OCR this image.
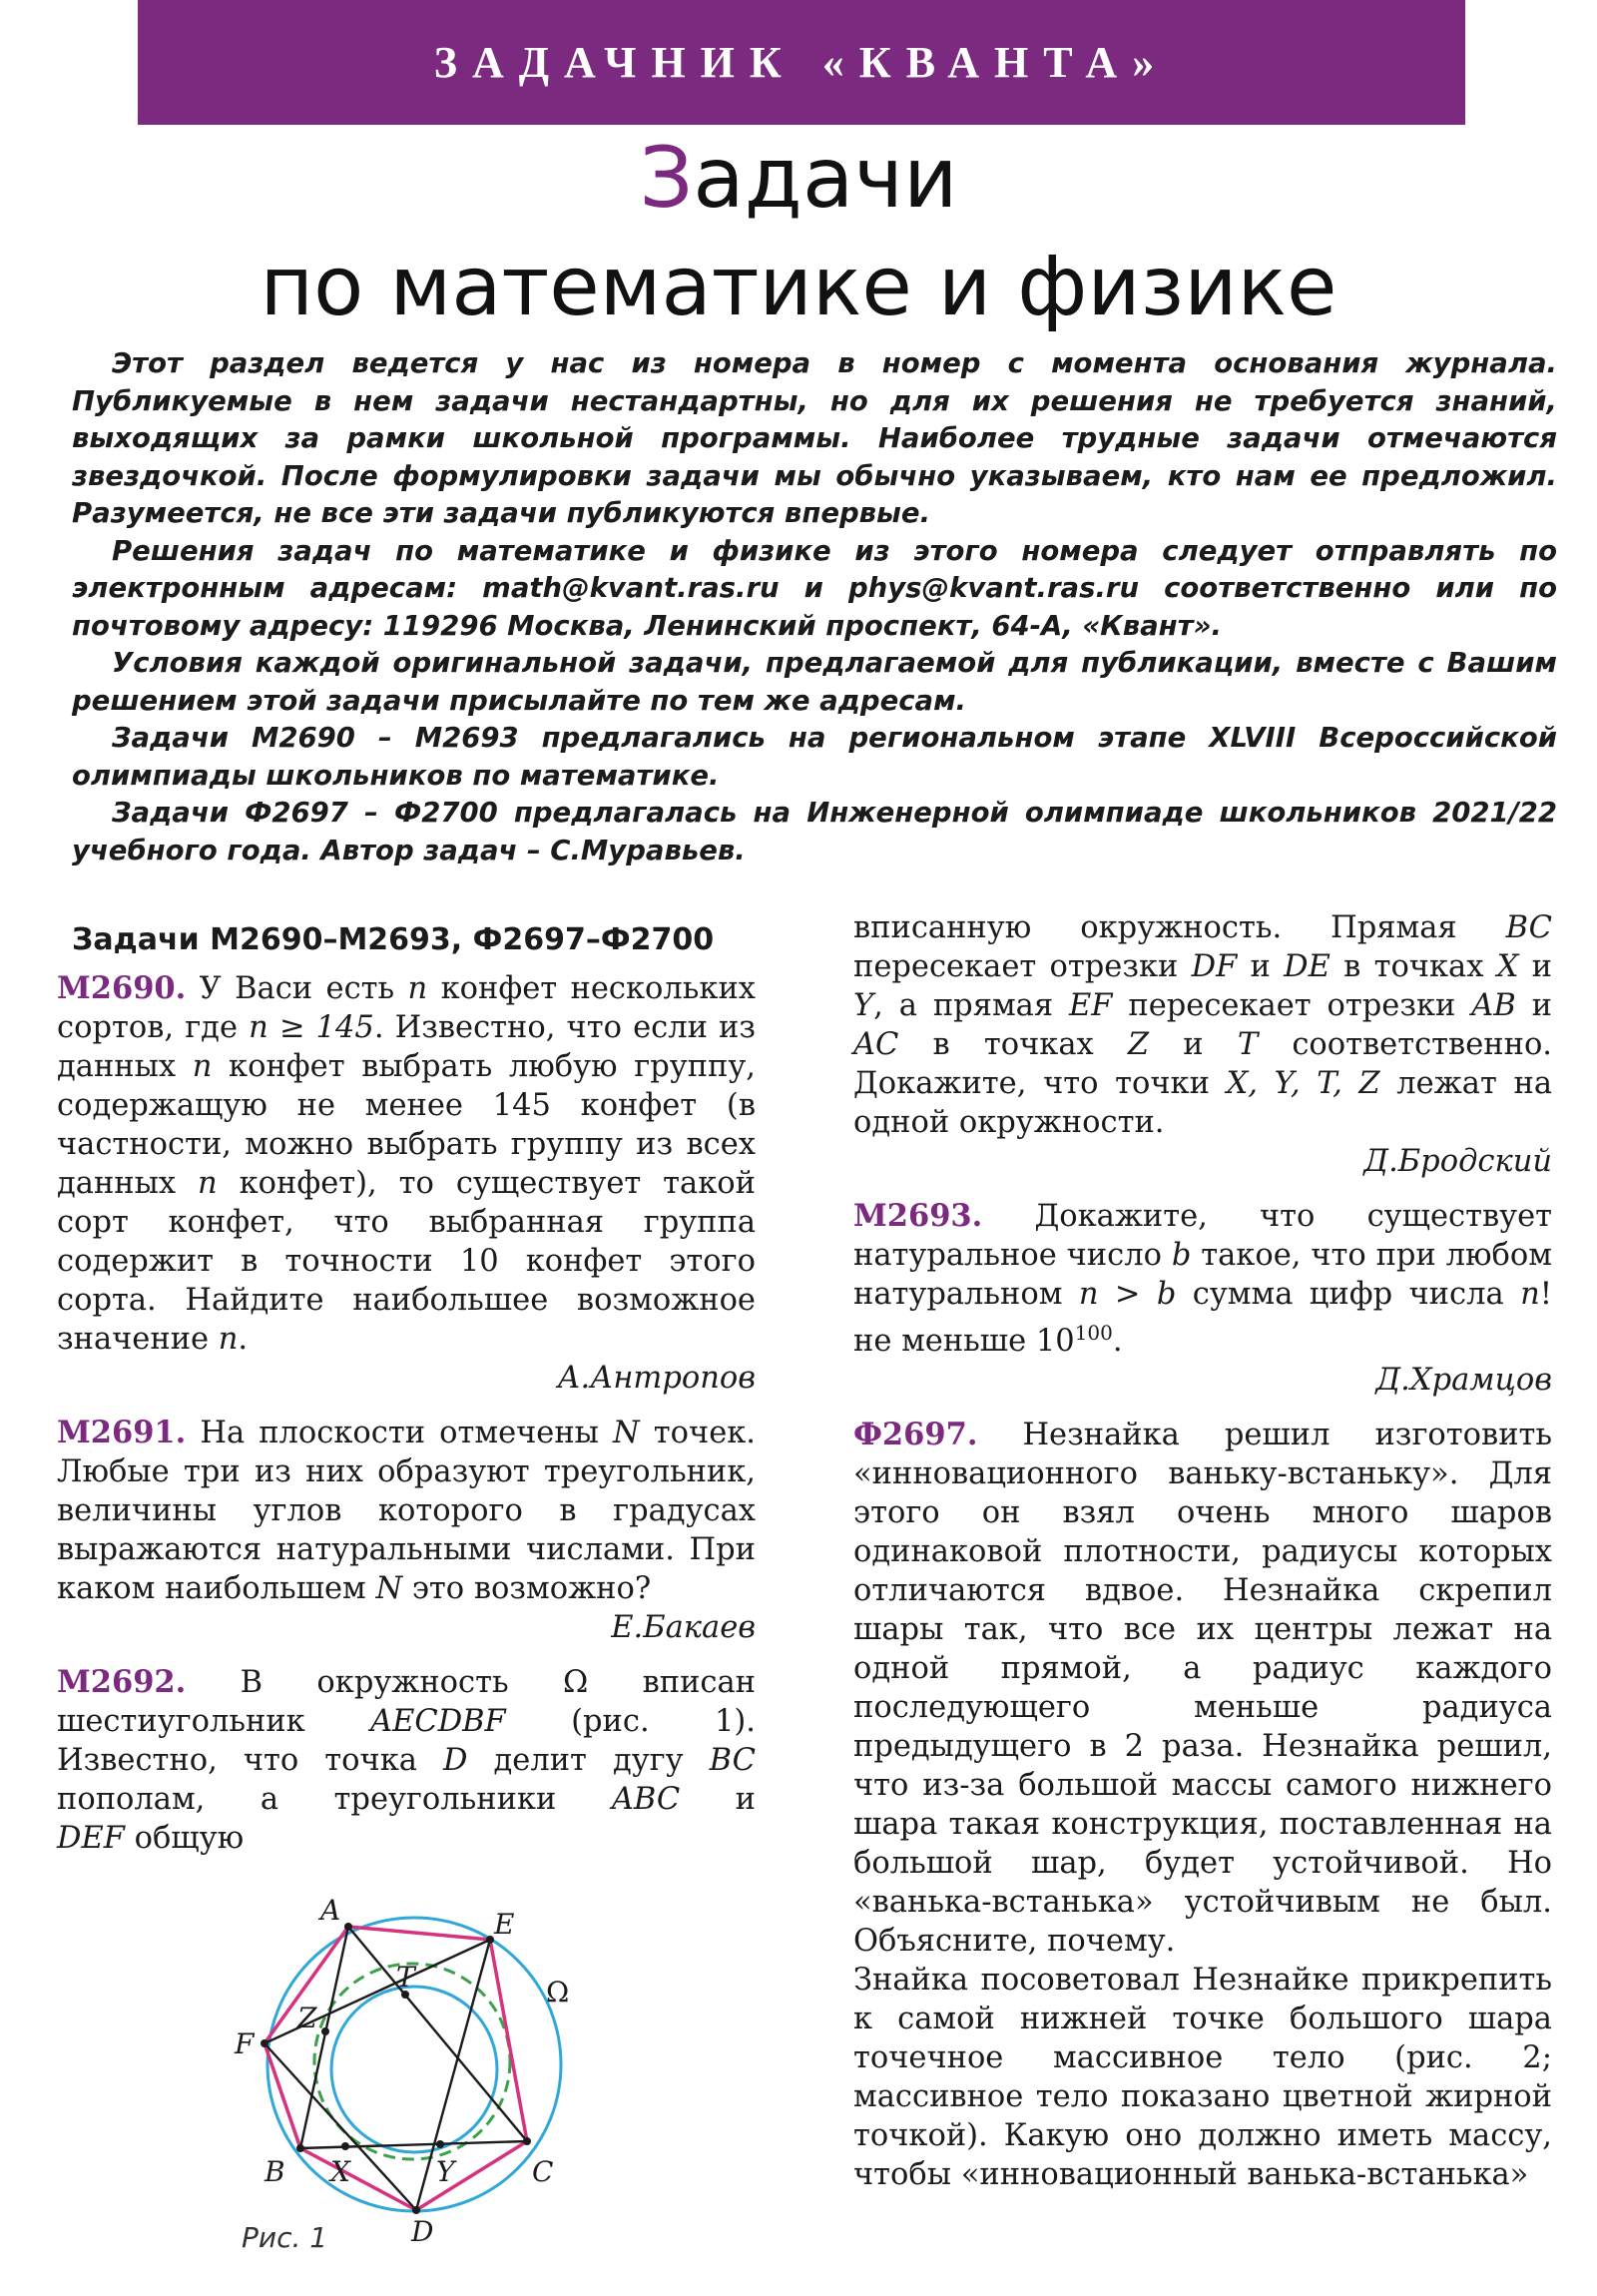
ЗАДАЧНИК «КВАНТА»
Задачи
по математике и физике

Этот раздел ведется у нас из номера в номер с момента основания журнала. Публикуемые в нем задачи нестандартны, но для их решения не требуется знаний, выходящих за рамки школьной программы. Наиболее трудные задачи отмечаются звездочкой. После формулировки задачи мы обычно указываем, кто нам ее предложил. Разумеется, не все эти задачи публикуются впервые.

Решения задач по математике и физике из этого номера следует отправлять по электронным адресам: math@kvant.ras.ru и phys@kvant.ras.ru соответственно или по почтовому адресу: 119296 Москва, Ленинский проспект, 64-А, «Квант».

Условия каждой оригинальной задачи, предлагаемой для публикации, вместе с Вашим решением этой задачи присылайте по тем же адресам.

Задачи М2690 – М2693 предлагались на региональном этапе XLVIII Всероссийской олимпиады школьников по математике.

Задачи Ф2697 – Ф2700 предлагалась на Инженерной олимпиаде школьников 2021/22 учебного года. Автор задач – С.Муравьев.

Задачи М2690–М2693, Ф2697–Ф2700

М2690. У Васи есть n конфет нескольких сортов, где n ≥ 145. Известно, что если из данных n конфет выбрать любую группу, содержащую не менее 145 конфет (в частности, можно выбрать группу из всех данных n конфет), то существует такой сорт конфет, что выбранная группа содержит в точности 10 конфет этого сорта. Найдите наибольшее возможное значение n.

А.Антропов

М2691. На плоскости отмечены N точек. Любые три из них образуют треугольник, величины углов которого в градусах выражаются натуральными числами. При каком наибольшем N это возможно?

Е.Бакаев

М2692. В окружность Ω вписан шестиугольник AECDBF (рис. 1). Известно, что точка D делит дугу BC пополам, а треугольники ABC и DEF общую

A	E
T
Z
F
B X	Y	C
D
Ω
Рис. 1

вписанную окружность. Прямая BC пересекает отрезки DF и DE в точках X и Y, а прямая EF пересекает отрезки AB и AC в точках Z и T соответственно. Докажите, что точки X, Y, T, Z лежат на одной окружности.

Д.Бродский

М2693. Докажите, что существует натуральное число b такое, что при любом натуральном n > b сумма цифр числа n! не меньше $10^{100}$.

Д.Храмцов

Ф2697. Незнайка решил изготовить «инновационного ваньку-встаньку». Для этого он взял очень много шаров одинаковой плотности, радиусы которых отличаются вдвое. Незнайка скрепил шары так, что все их центры лежат на одной прямой, а радиус каждого последующего меньше радиуса предыдущего в 2 раза. Незнайка решил, что из-за большой массы самого нижнего шара такая конструкция, поставленная на большой шар, будет устойчивой. Но «ванька-встанька» устойчивым не был. Объясните, почему.

Знайка посоветовал Незнайке прикрепить к самой нижней точке большого шара точечное массивное тело (рис. 2; массивное тело показано цветной жирной точкой). Какую оно должно иметь массу, чтобы «инновационный ванька-встанька»
